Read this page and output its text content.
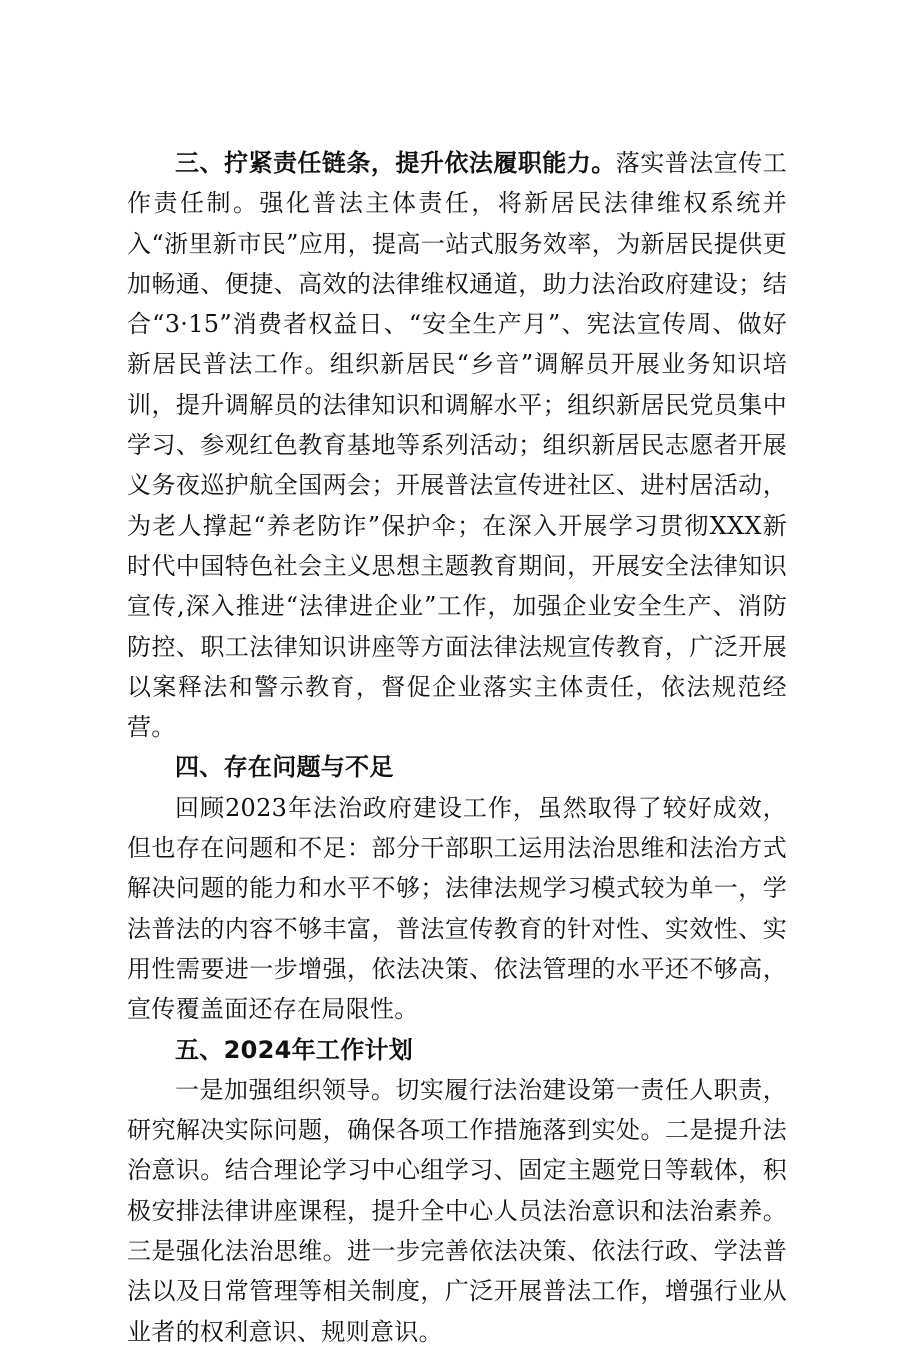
三、拧紧责任链条，提升依法履职能力。落实普法宣传工作责任制。强化普法主体责任，将新居民法律维权系统并入“浙里新市民”应用，提高一站式服务效率，为新居民提供更加畅通、便捷、高效的法律维权通道，助力法治政府建设；结合“3·15”消费者权益日、“安全生产月”、宪法宣传周、做好新居民普法工作。组织新居民“乡音”调解员开展业务知识培训，提升调解员的法律知识和调解水平；组织新居民党员集中学习、参观红色教育基地等系列活动；组织新居民志愿者开展义务夜巡护航全国两会；开展普法宣传进社区、进村居活动，为老人撑起“养老防诈”保护伞；在深入开展学习贯彻XXX新时代中国特色社会主义思想主题教育期间，开展安全法律知识宣传,深入推进“法律进企业”工作，加强企业安全生产、消防防控、职工法律知识讲座等方面法律法规宣传教育，广泛开展以案释法和警示教育，督促企业落实主体责任，依法规范经营。

四、存在问题与不足

回顾2023年法治政府建设工作，虽然取得了较好成效，但也存在问题和不足：部分干部职工运用法治思维和法治方式解决问题的能力和水平不够；法律法规学习模式较为单一，学法普法的内容不够丰富，普法宣传教育的针对性、实效性、实用性需要进一步增强，依法决策、依法管理的水平还不够高，宣传覆盖面还存在局限性。

五、2024年工作计划

一是加强组织领导。切实履行法治建设第一责任人职责，研究解决实际问题，确保各项工作措施落到实处。二是提升法治意识。结合理论学习中心组学习、固定主题党日等载体，积极安排法律讲座课程，提升全中心人员法治意识和法治素养。三是强化法治思维。进一步完善依法决策、依法行政、学法普法以及日常管理等相关制度，广泛开展普法工作，增强行业从业者的权利意识、规则意识。
